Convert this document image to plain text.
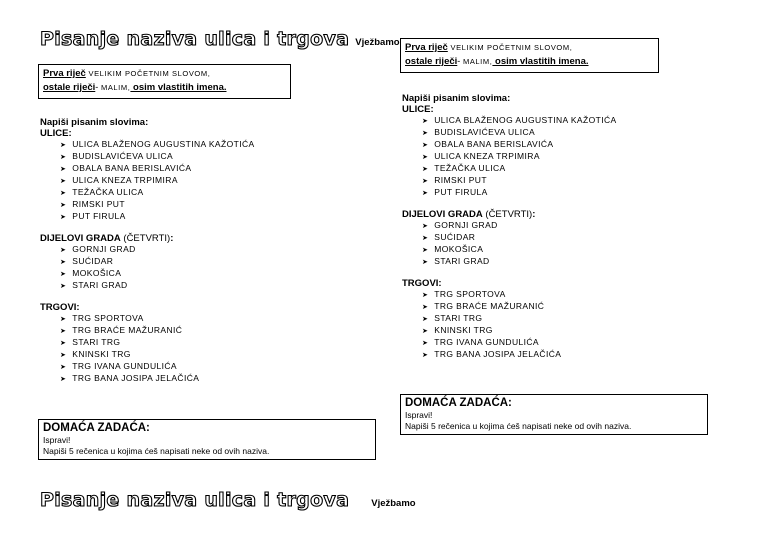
Pisanje naziva ulica i trgova Vježbamo
Prva riječ VELIKIM POČETNIM SLOVOM,
ostale riječi- MALIM, osim vlastitih imena.
Napiši pisanim slovima:
ULICE:
➤ ULICA BLAŽENOG AUGUSTINA KAŽOTIĆA
➤ BUDISLAVIĆEVA ULICA
➤ OBALA BANA BERISLAVIĆA
➤ ULICA KNEZA TRPIMIRA
➤ TEŽAČKA ULICA
➤ RIMSKI PUT
➤ PUT FIRULA
DIJELOVI GRADA (ČETVRTI):
➤ GORNJI GRAD
➤ SUĆIDAR
➤ MOKOŠICA
➤ STARI GRAD
TRGOVI:
➤ TRG SPORTOVA
➤ TRG BRAĆE MAŽURANIĆ
➤ STARI TRG
➤ KNINSKI TRG
➤ TRG IVANA GUNDULIĆA
➤ TRG BANA JOSIPA JELAČIĆA
DOMAĆA ZADAĆA:
Ispravi!
Napiši 5 rečenica u kojima ćeš napisati neke od ovih naziva.
Pisanje naziva ulica i trgova Vježbamo
Prva riječ VELIKIM POČETNIM SLOVOM,
ostale riječi- MALIM, osim vlastitih imena.
Napiši pisanim slovima:
ULICE:
➤ ULICA BLAŽENOG AUGUSTINA KAŽOTIĆA
➤ BUDISLAVIĆEVA ULICA
➤ OBALA BANA BERISLAVIĆA
➤ ULICA KNEZA TRPIMIRA
➤ TEŽAČKA ULICA
➤ RIMSKI PUT
➤ PUT FIRULA
DIJELOVI GRADA (ČETVRTI):
➤ GORNJI GRAD
➤ SUĆIDAR
➤ MOKOŠICA
➤ STARI GRAD
TRGOVI:
➤ TRG SPORTOVA
➤ TRG BRAĆE MAŽURANIĆ
➤ STARI TRG
➤ KNINSKI TRG
➤ TRG IVANA GUNDULIĆA
➤ TRG BANA JOSIPA JELAČIĆA
DOMAĆA ZADAĆA:
Ispravi!
Napiši 5 rečenica u kojima ćeš napisati neke od ovih naziva.
